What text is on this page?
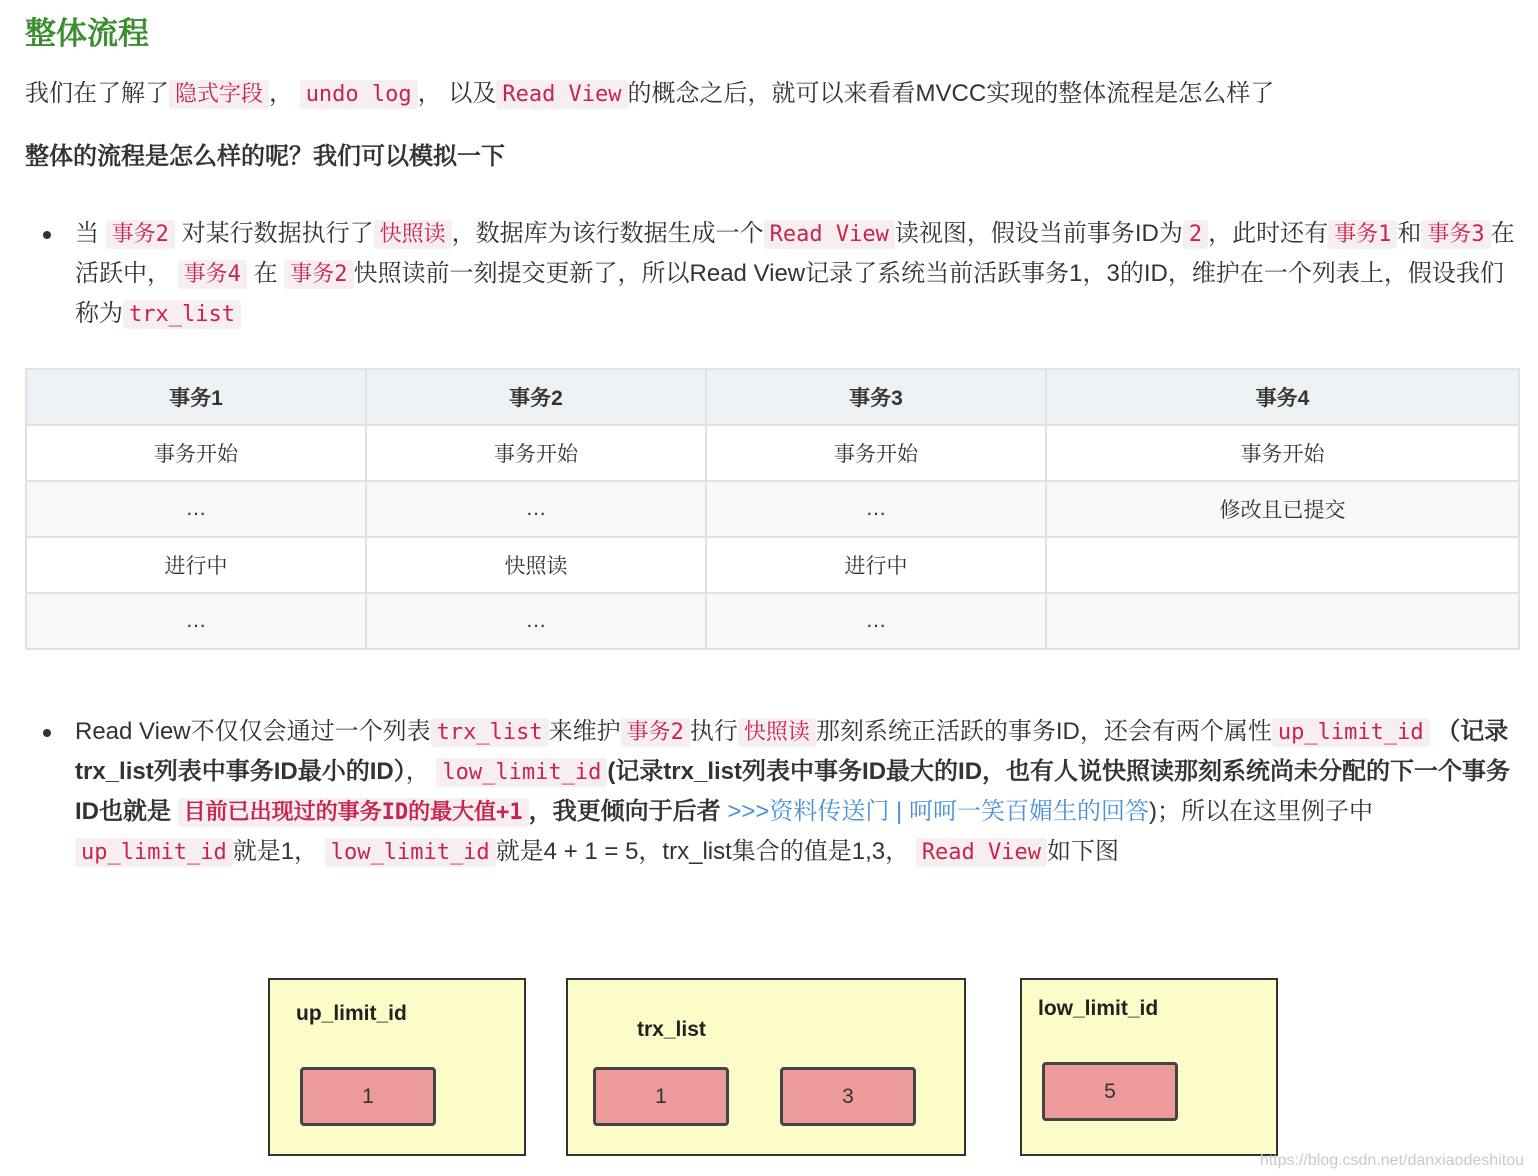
整体流程
我们在了解了 隐式字段 ， undo log ， 以及 Read View 的概念之后，就可以来看看MVCC实现的整体流程是怎么样了
整体的流程是怎么样的呢？我们可以模拟一下
当 事务2 对某行数据执行了 快照读 ，数据库为该行数据生成一个 Read View 读视图，假设当前事务ID为 2 ，此时还有 事务1 和 事务3 在活跃中， 事务4 在 事务2 快照读前一刻提交更新了，所以Read View记录了系统当前活跃事务1，3的ID，维护在一个列表上，假设我们称为 trx_list
事务1	事务2	事务3	事务4
事务开始	事务开始	事务开始	事务开始
…	…	…	修改且已提交
进行中	快照读	进行中	
…	…	…	
Read View不仅仅会通过一个列表 trx_list 来维护 事务2 执行 快照读 那刻系统正活跃的事务ID，还会有两个属性 up_limit_id （记录trx_list列表中事务ID最小的ID）， low_limit_id (记录trx_list列表中事务ID最大的ID，也有人说快照读那刻系统尚未分配的下一个事务ID也就是 目前已出现过的事务ID的最大值+1 ，我更倾向于后者 >>>资料传送门 | 呵呵一笑百媚生的回答)；所以在这里例子中 up_limit_id 就是1， low_limit_id 就是4 + 1 = 5，trx_list集合的值是1,3， Read View 如下图
up_limit_id
1
trx_list
1	3
low_limit_id
5
https://blog.csdn.net/danxiaodeshitou
